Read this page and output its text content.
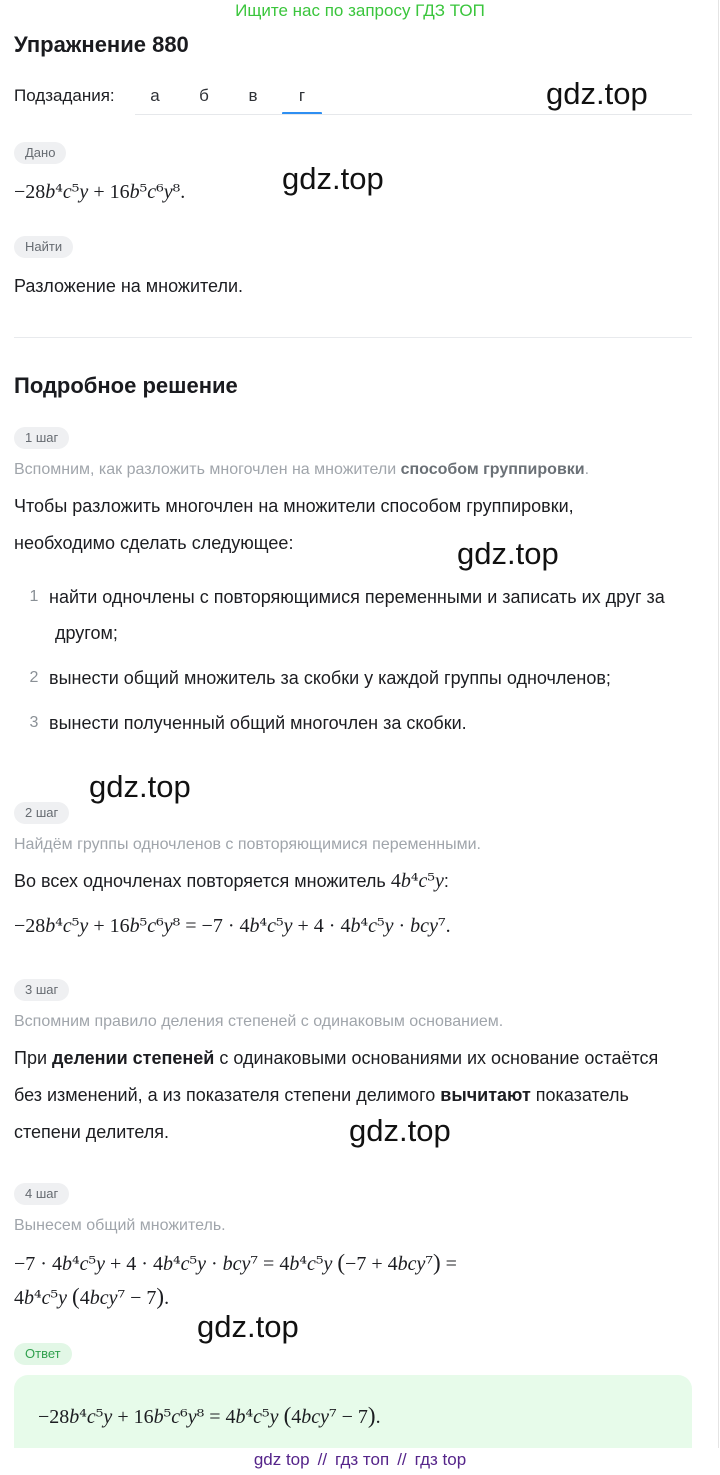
Ищите нас по запросу ГДЗ ТОП
Упражнение 880
Подзадания:	а	б	в	г
Дано
−28b⁴c⁵y + 16b⁵c⁶y⁸.
Найти
Разложение на множители.
Подробное решение
1 шаг
Вспомним, как разложить многочлен на множители способом группировки.
Чтобы разложить многочлен на множители способом группировки,
необходимо сделать следующее:
1 найти одночлены с повторяющимися переменными и записать их друг за
другом;
2 вынести общий множитель за скобки у каждой группы одночленов;
3 вынести полученный общий многочлен за скобки.
2 шаг
Найдём группы одночленов с повторяющимися переменными.
Во всех одночленах повторяется множитель 4b⁴c⁵y:
−28b⁴c⁵y + 16b⁵c⁶y⁸ = −7 · 4b⁴c⁵y + 4 · 4b⁴c⁵y · bcy⁷.
3 шаг
Вспомним правило деления степеней с одинаковым основанием.
При делении степеней с одинаковыми основаниями их основание остаётся
без изменений, а из показателя степени делимого вычитают показатель
степени делителя.
4 шаг
Вынесем общий множитель.
−7 · 4b⁴c⁵y + 4 · 4b⁴c⁵y · bcy⁷ = 4b⁴c⁵y (−7 + 4bcy⁷) =
4b⁴c⁵y (4bcy⁷ − 7).
Ответ
−28b⁴c⁵y + 16b⁵c⁶y⁸ = 4b⁴c⁵y (4bcy⁷ − 7).
gdz.top
gdz.top
gdz.top
gdz.top
gdz.top
gdz.top
gdz top // гдз топ // гдз top
